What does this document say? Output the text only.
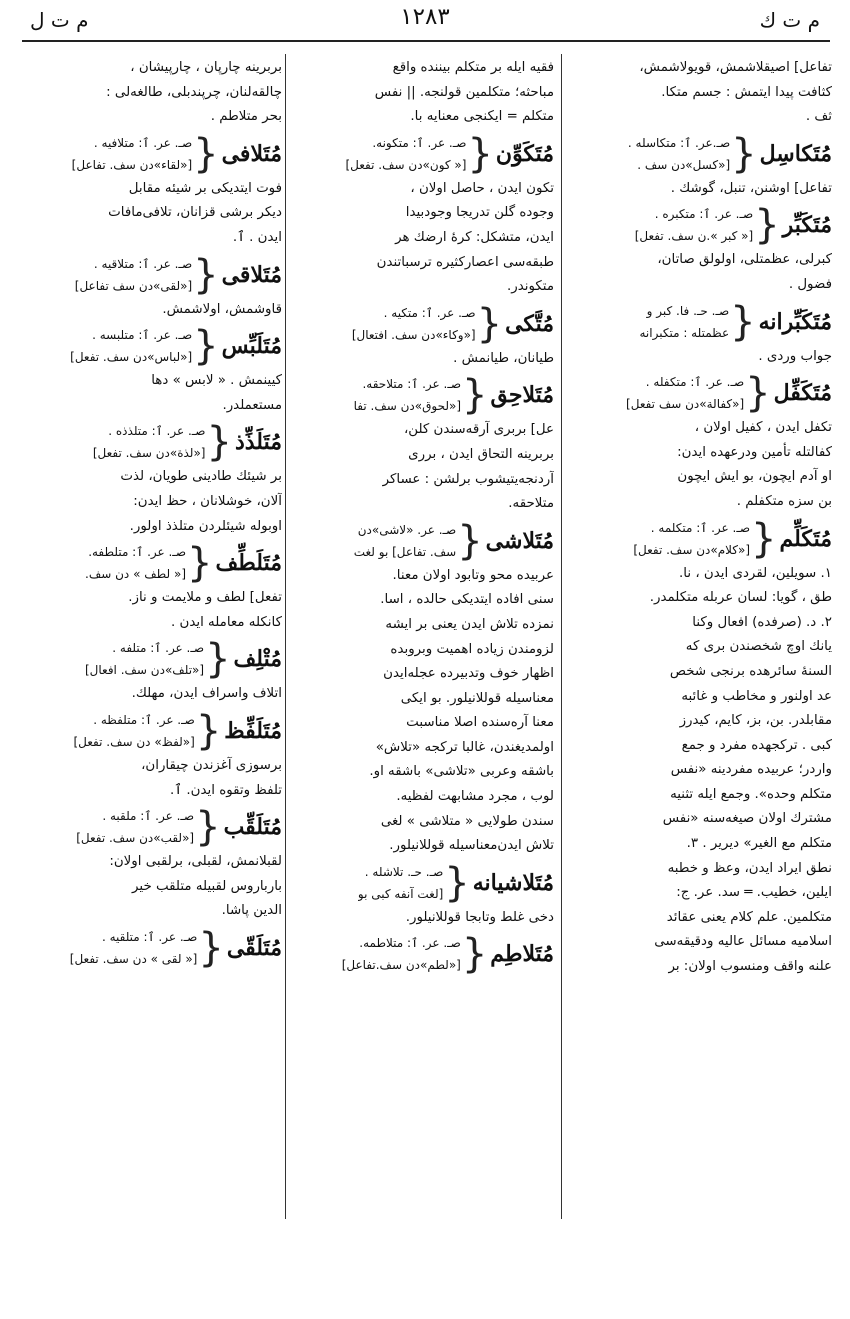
م ت ك
١٢٨٣
م ت ل
تفاعل] اصيقلاشمش، قويولاشمش،
كثافت پيدا ايتمش : جسم متكا.
ثف .
مُتَكاسِل
{
صـ.عر. ٱ: متكاسله .
[«كسل»دن سف .
تفاعل] اوشنن، تنبل، گوشك .
مُتَكَبِّر
{
صـ. عر. ٱ: متكبره .
[« كبر ».ن سف. تفعل]
كبرلى، عظمتلى، اولولق صاتان،
فضول .
مُتَكَبِّرانه
{
صـ. حـ. فا. كبر و
عظمتله : متكبرانه
جواب وردى .
مُتَكَفِّل
{
صـ. عر. ٱ: متكفله .
[«كفالة»دن سف تفعل]
تكفل ايدن ، كفيل اولان ،
كفالتله تأمين ودرعهده ايدن:
او آدم ايچون، بو ايش ايچون
بن سزه متكفلم .
مُتَكَلِّم
{
صـ. عر. ٱ: متكلمه .
[«كلام»دن سف. تفعل]
١. سويلين، لقردى ايدن ، نا.
طق ، گويا: لسان عربله متكلمدر.
٢. د. (صرفده) افعال وكنا
يانك اوچ شخصندن برى كه
السنهٔ سائرهده برنجى شخص
عد اولنور و مخاطب و غائبه
مقابلدر. بن، بز، كايم، كيدرز
كبى . تركجهده مفرد و جمع
واردر؛ عربيده مفردينه «نفس
متكلم وحده». وجمع ايله تثنيه
مشترك اولان صيغه‌سنه «نفس
متكلم مع الغير» ديرير . ٣.
نطق ايراد ايدن، وعظ و خطبه
ايلين، خطيب. ═ سد. عر. ج:
متكلمين. علم كلام يعنى عقائد
اسلاميه مسائل عاليه ودقيقه‌سى
علنه واقف ومنسوب اولان: بر
فقيه ايله بر متكلم بيننده واقع
مباحثه؛ متكلمين قولنجه. || نفس
متكلم = ايكنجى معنايه با.
مُتَكَوِّن
{
صـ. عر. ٱ: متكونه.
[« كون»دن سف. تفعل]
تكون ايدن ، حاصل اولان ،
وجوده گلن تدريجا وجودبيدا
ايدن، متشكل: كرهٔ ارضك هر
طبقه‌سى اعصاركثيره ترسباتندن
متكوندر.
مُتَّكى
{
صـ. عر. ٱ: متكيه .
[«وكاء»دن سف. افتعال]
طيانان، طيانمش .
مُتَلاحِق
{
صـ. عر. ٱ: متلاحقه.
[«لحوق»دن سف. تفا
عل] بربرى آرقه‌سندن كلن،
بربرينه التحاق ايدن ، بررى
آردنجه‌يتيشوب برلشن : عساكر
متلاحقه.
مُتَلاشى
{
صـ. عر. «لاشى»دن
سف. تفاعل] بو لغت
عربيده محو وتابود اولان معنا.
سنى افاده ايتديكى حالده ، اسا.
نمزده تلاش ايدن يعنى بر ايشه
لزومندن زياده اهميت وبروبده
اظهار خوف وتدبيرده عجله‌ايدن
معناسيله قوللانيلور. بو ايكى
معنا آره‌سنده اصلا مناسبت
اولمديغندن، غالبا تركجه «تلاش»
باشقه وعربى «تلاشى» باشقه او.
لوب ، مجرد مشابهت لفظيه.
سندن طولايى « متلاشى » لغى
تلاش ايدن‌معناسيله قوللانيلور.
مُتَلاشيانه
{
صـ. حـ. تلاشله .
[لغت آنفه كبى بو
دخى غلط وتابجا قوللانيلور.
مُتَلاطِم
{
صـ. عر. ٱ: متلاطمه.
[«لطم»دن سف.تفاعل]
بربرينه چارپان ، چارپيشان ،
چالقه‌لنان، چرپندبلى، طالغه‌لى :
بحر متلاطم .
مُتَلافى
{
صـ. عر. ٱ: متلافيه .
[«لقاء»دن سف. تفاعل]
فوت ايتديكى بر شيئه مقابل
ديكر برشى قزانان، تلافى‌مافات
ايدن . ٱ.
مُتَلاقى
{
صـ. عر. ٱ: متلاقيه .
[«لقى»دن سف تفاعل]
قاوشمش، اولاشمش.
مُتَلَبِّس
{
صـ. عر. ٱ: متلبسه .
[«لباس»دن سف. تفعل]
كيينمش . « لابس » دها
مستعملدر.
مُتَلَذِّذ
{
صـ. عر. ٱ: متلذذه .
[«لذة»دن سف. تفعل]
بر شيئك طادينى طويان، لذت
آلان، خوشلانان ، حظ ايدن:
اوبوله شيئلردن متلذذ اولور.
مُتَلَطِّف
{
صـ. عر. ٱ: متلطفه.
[« لطف » دن سف.
تفعل] لطف و ملايمت و ناز.
كانكله معامله ايدن .
مُتْلِف
{
صـ. عر. ٱ: متلفه .
[«تلف»دن سف. افعال]
اتلاف واسراف ايدن، مهلك.
مُتَلَفِّظ
{
صـ. عر. ٱ: متلفظه .
[«لفظ» دن سف. تفعل]
برسوزى آغزندن چيقاران،
تلفظ وتقوه ايدن. ٱ.
مُتَلَقِّب
{
صـ. عر. ٱ: ملقبه .
[«لقب»دن سف. تفعل]
لقبلانمش، لقبلى، برلقبى اولان:
بارباروس لقبيله متلقب خير
الدين پاشا.
مُتَلَقّى
{
صـ. عر. ٱ: متلقيه .
[« لقى » دن سف. تفعل]
